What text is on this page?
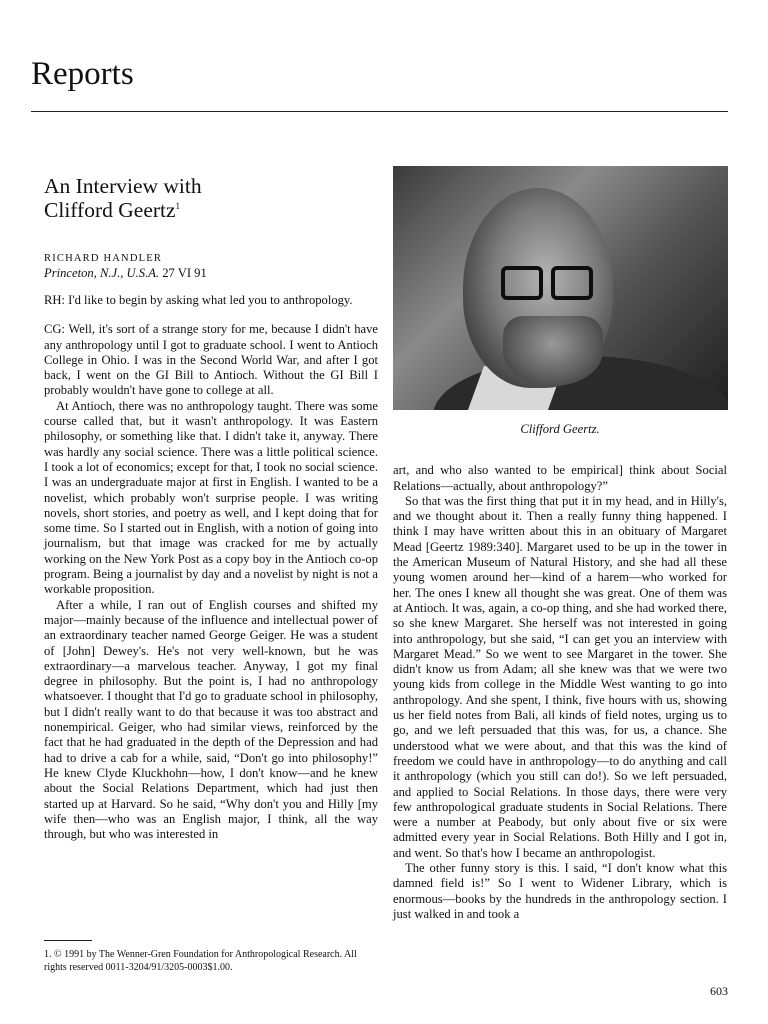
Reports
An Interview with
Clifford Geertz$^1$

RICHARD HANDLER

Princeton, N.J., U.S.A. 27 VI 91

RH: I'd like to begin by asking what led you to anthropology.

CG: Well, it's sort of a strange story for me, because I didn't have any anthropology until I got to graduate school. I went to Antioch College in Ohio. I was in the Second World War, and after I got back, I went on the GI Bill to Antioch. Without the GI Bill I probably wouldn't have gone to college at all.

At Antioch, there was no anthropology taught. There was some course called that, but it wasn't anthropology. It was Eastern philosophy, or something like that. I didn't take it, anyway. There was hardly any social science. There was a little political science. I took a lot of economics; except for that, I took no social science. I was an undergraduate major at first in English. I wanted to be a novelist, which probably won't surprise people. I was writing novels, short stories, and poetry as well, and I kept doing that for some time. So I started out in English, with a notion of going into journalism, but that image was cracked for me by actually working on the New York Post as a copy boy in the Antioch co-op program. Being a journalist by day and a novelist by night is not a workable proposition.

After a while, I ran out of English courses and shifted my major—mainly because of the influence and intellectual power of an extraordinary teacher named George Geiger. He was a student of [John] Dewey's. He's not very well-known, but he was extraordinary—a marvelous teacher. Anyway, I got my final degree in philosophy. But the point is, I had no anthropology whatsoever. I thought that I'd go to graduate school in philosophy, but I didn't really want to do that because it was too abstract and nonempirical. Geiger, who had similar views, reinforced by the fact that he had graduated in the depth of the Depression and had had to drive a cab for a while, said, “Don't go into philosophy!” He knew Clyde Kluckhohn—how, I don't know—and he knew about the Social Relations Department, which had just then started up at Harvard. So he said, “Why don't you and Hilly [my wife then—who was an English major, I think, all the way through, but who was interested in

Clifford Geertz.

art, and who also wanted to be empirical] think about Social Relations—actually, about anthropology?”

So that was the first thing that put it in my head, and in Hilly's, and we thought about it. Then a really funny thing happened. I think I may have written about this in an obituary of Margaret Mead [Geertz 1989:340]. Margaret used to be up in the tower in the American Museum of Natural History, and she had all these young women around her—kind of a harem—who worked for her. The ones I knew all thought she was great. One of them was at Antioch. It was, again, a co-op thing, and she had worked there, so she knew Margaret. She herself was not interested in going into anthropology, but she said, “I can get you an interview with Margaret Mead.” So we went to see Margaret in the tower. She didn't know us from Adam; all she knew was that we were two young kids from college in the Middle West wanting to go into anthropology. And she spent, I think, five hours with us, showing us her field notes from Bali, all kinds of field notes, urging us to go, and we left persuaded that this was, for us, a chance. She understood what we were about, and that this was the kind of freedom we could have in anthropology—to do anything and call it anthropology (which you still can do!). So we left persuaded, and applied to Social Relations. In those days, there were very few anthropological graduate students in Social Relations. There were a number at Peabody, but only about five or six were admitted every year in Social Relations. Both Hilly and I got in, and went. So that's how I became an anthropologist.

The other funny story is this. I said, “I don't know what this damned field is!” So I went to Widener Library, which is enormous—books by the hundreds in the anthropology section. I just walked in and took a

1. © 1991 by The Wenner-Gren Foundation for Anthropological Research. All rights reserved 0011-3204/91/3205-0003$1.00.

603
